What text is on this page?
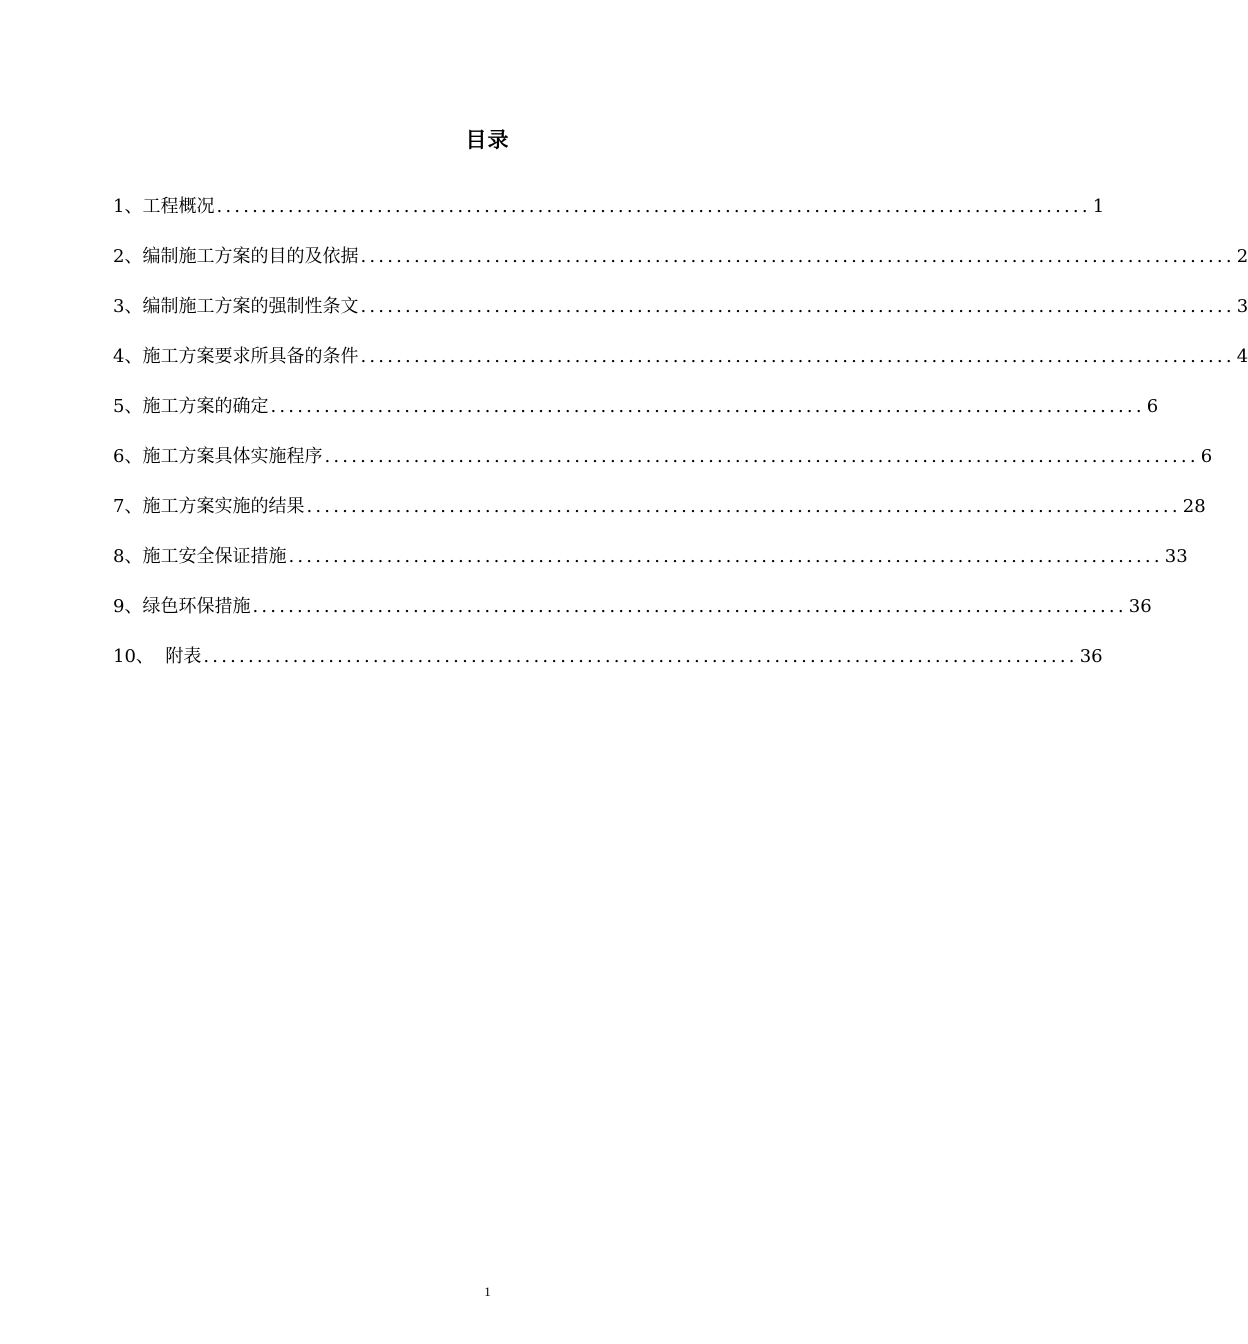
目录
1、工程概况 .................................................................................................. 1
2、编制施工方案的目的及依据 .................................................................................................. 2
3、编制施工方案的强制性条文 .................................................................................................. 3
4、施工方案要求所具备的条件 .................................................................................................. 4
5、施工方案的确定 .................................................................................................. 6
6、施工方案具体实施程序 .................................................................................................. 6
7、施工方案实施的结果 .................................................................................................. 28
8、施工安全保证措施 .................................................................................................. 33
9、绿色环保措施 .................................................................................................. 36
10、  附表 .................................................................................................. 36
1
